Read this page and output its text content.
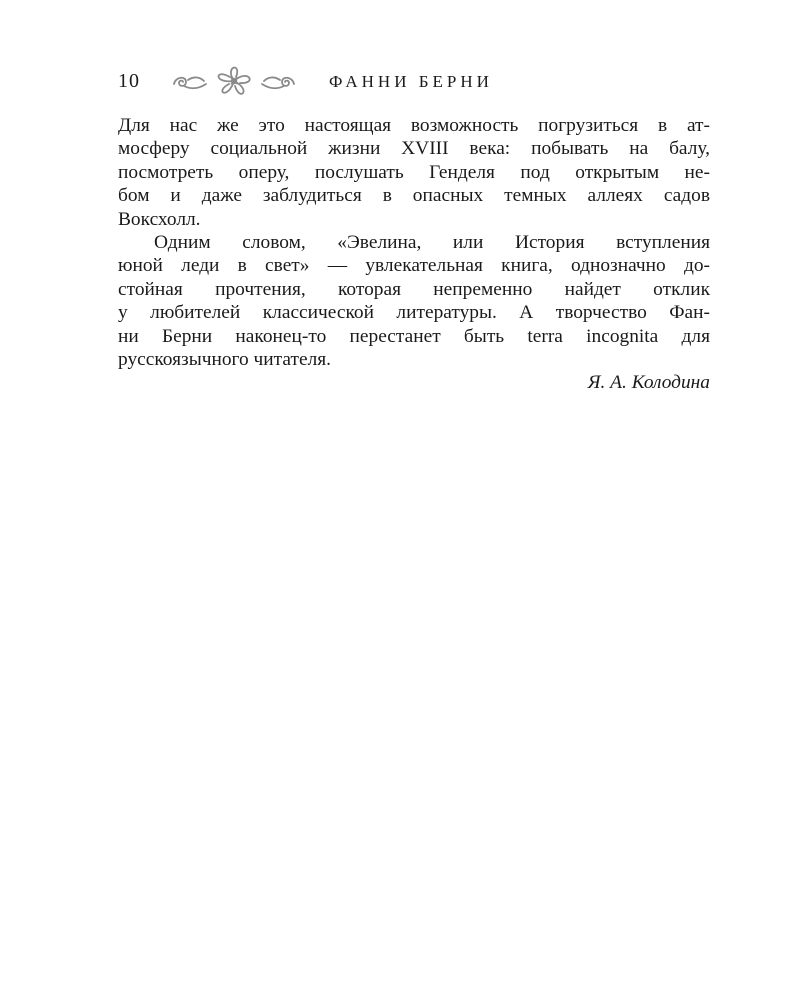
10	ФАННИ БЕРНИ
Для нас же это настоящая возможность погрузиться в ат-
мосферу социальной жизни XVIII века: побывать на балу,
посмотреть оперу, послушать Генделя под открытым не-
бом и даже заблудиться в опасных темных аллеях садов
Воксхолл.
Одним словом, «Эвелина, или История вступления
юной леди в свет» — увлекательная книга, однозначно до-
стойная прочтения, которая непременно найдет отклик
у любителей классической литературы. А творчество Фан-
ни Берни наконец-то перестанет быть terra incognita для
русскоязычного читателя.
Я. А. Колодина
